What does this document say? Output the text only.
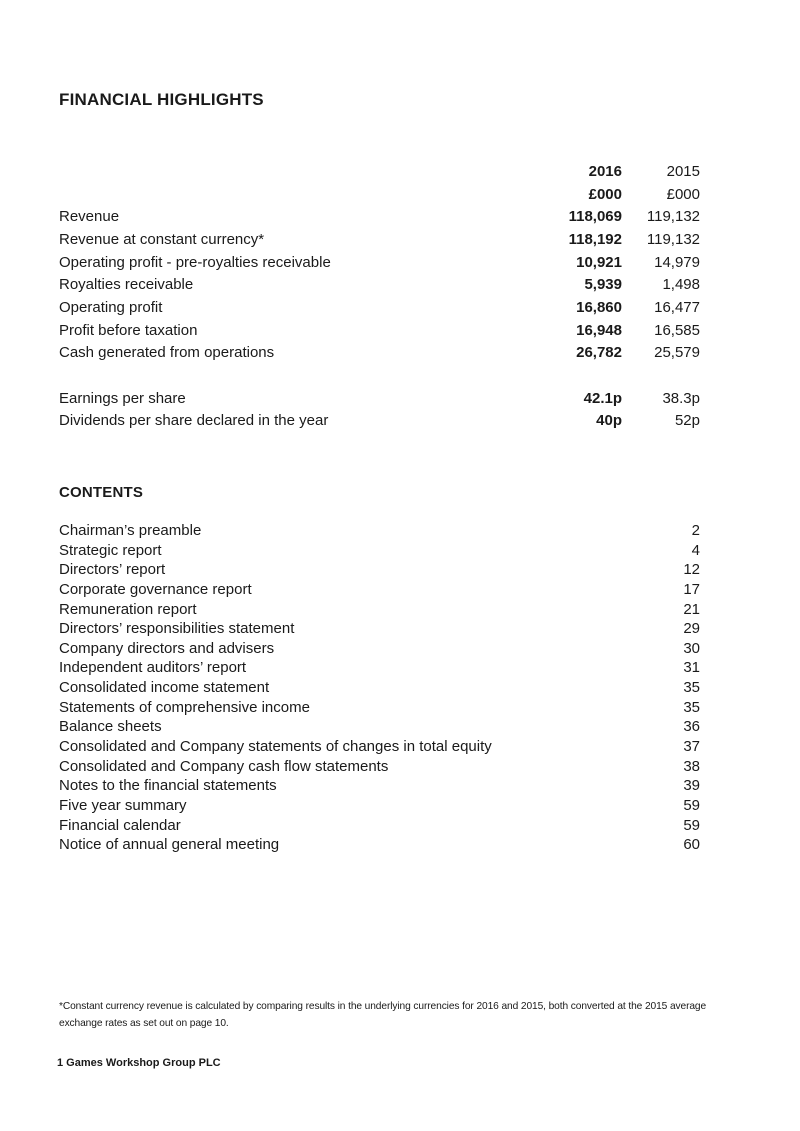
FINANCIAL HIGHLIGHTS
	2016	2015
	£000	£000
Revenue	118,069	119,132
Revenue at constant currency*	118,192	119,132
Operating profit - pre-royalties receivable	10,921	14,979
Royalties receivable	5,939	1,498
Operating profit	16,860	16,477
Profit before taxation	16,948	16,585
Cash generated from operations	26,782	25,579

Earnings per share	42.1p	38.3p
Dividends per share declared in the year	40p	52p
CONTENTS
Chairman’s preamble	2
Strategic report	4
Directors’ report	12
Corporate governance report	17
Remuneration report	21
Directors’ responsibilities statement	29
Company directors and advisers	30
Independent auditors’ report	31
Consolidated income statement	35
Statements of comprehensive income	35
Balance sheets	36
Consolidated and Company statements of changes in total equity	37
Consolidated and Company cash flow statements	38
Notes to the financial statements	39
Five year summary	59
Financial calendar	59
Notice of annual general meeting	60
*Constant currency revenue is calculated by comparing results in the underlying currencies for 2016 and 2015, both converted at the 2015 average exchange rates as set out on page 10.
1 Games Workshop Group PLC
